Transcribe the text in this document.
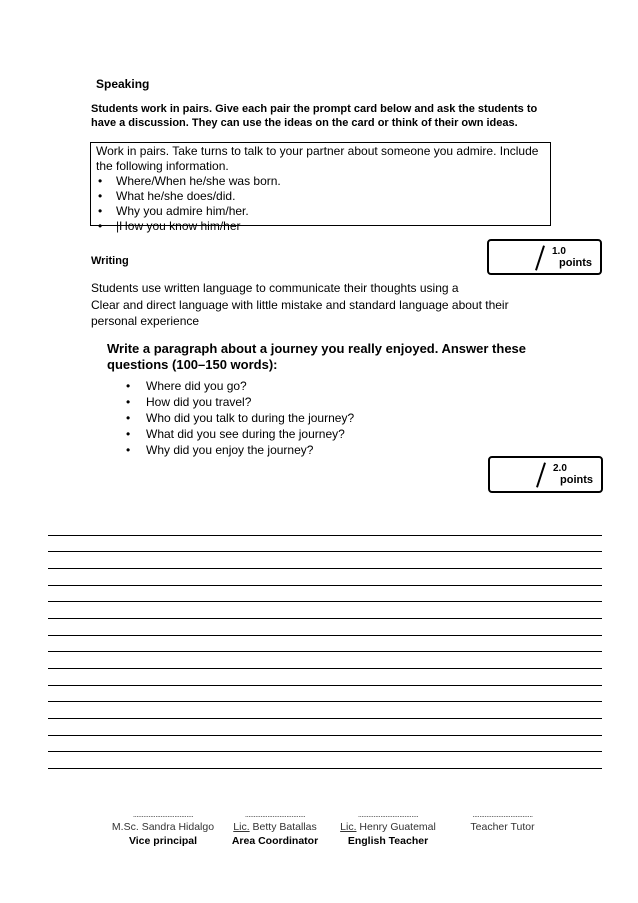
Speaking
Students work in pairs. Give each pair the prompt card below and ask the students to
have a discussion. They can use the ideas on the card or think of their own ideas.
Work in pairs. Take turns to talk to your partner about someone you admire. Include
the following information.
• Where/When he/she was born.
• What he/she does/did.
• Why you admire him/her.
• |How you know him/her
Writing
1.0
points
Students use written language to communicate their thoughts using a
Clear and direct language with little mistake and standard language about their
personal experience
Write a paragraph about a journey you really enjoyed. Answer these
questions (100–150 words):
• Where did you go?
• How did you travel?
• Who did you talk to during the journey?
• What did you see during the journey?
• Why did you enjoy the journey?
2.0
points
...................................
M.Sc. Sandra Hidalgo
Vice principal
...................................
Lic. Betty Batallas
Area Coordinator
...................................
Lic. Henry Guatemal
English Teacher
...................................
Teacher Tutor
